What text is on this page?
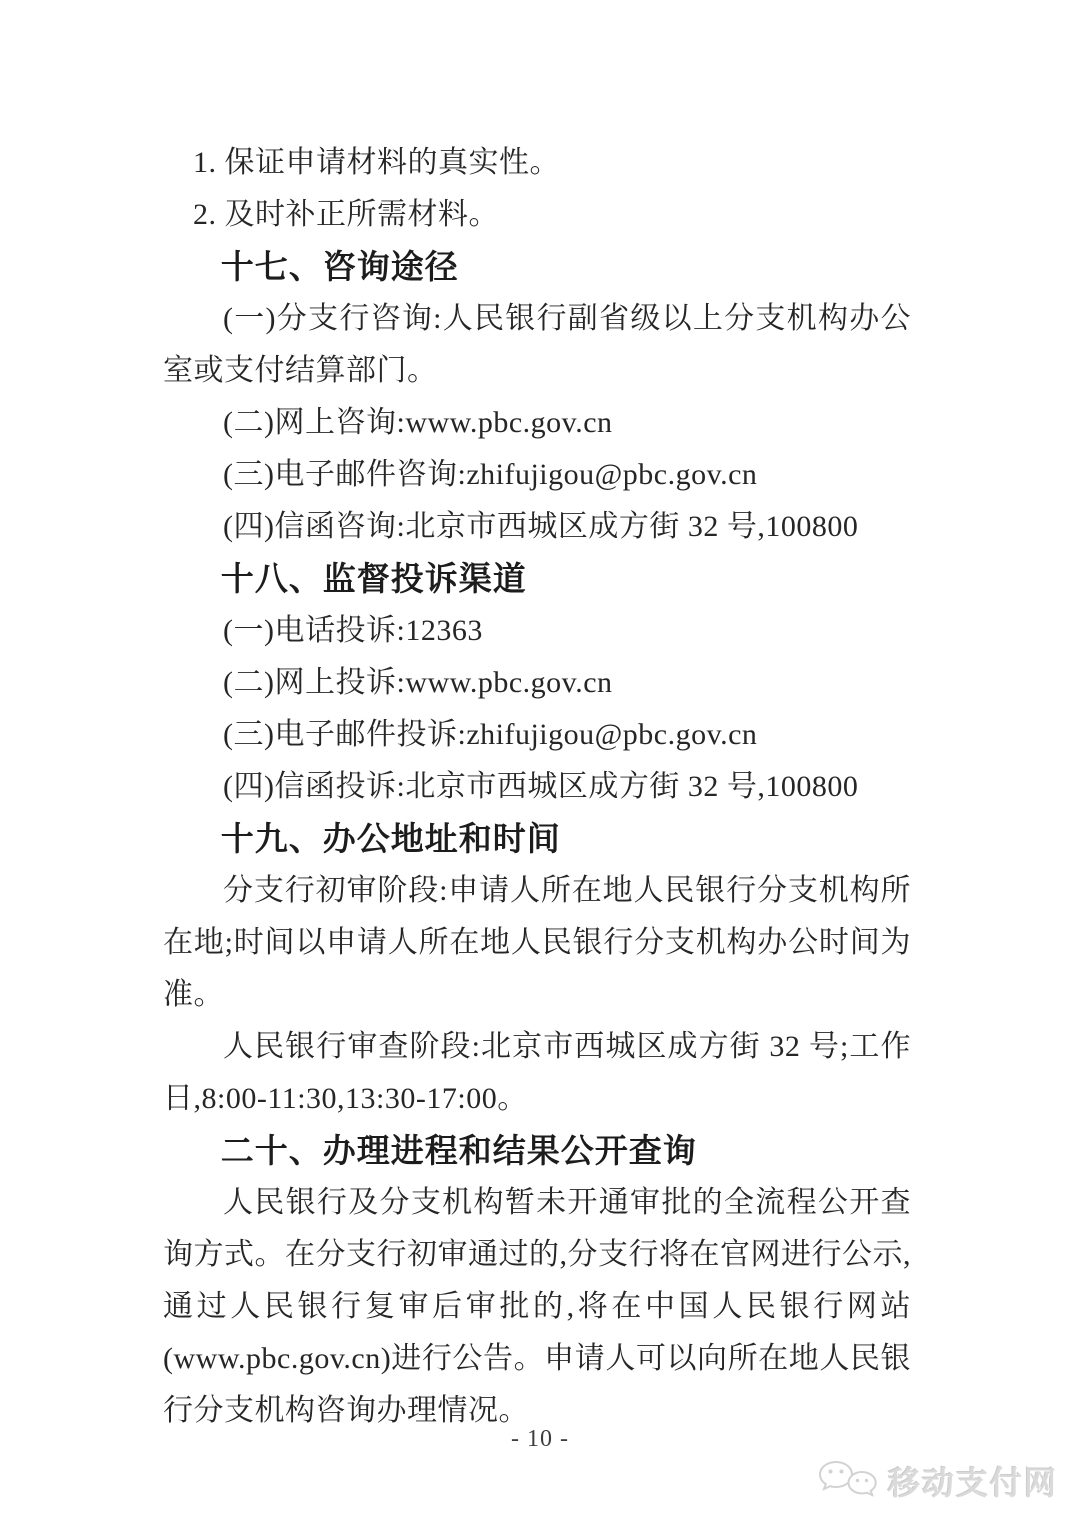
1. 保证申请材料的真实性。

2. 及时补正所需材料。

十七、咨询途径

(一)分支行咨询:人民银行副省级以上分支机构办公室或支付结算部门。

(二)网上咨询:www.pbc.gov.cn

(三)电子邮件咨询:zhifujigou@pbc.gov.cn

(四)信函咨询:北京市西城区成方街 32 号,100800

十八、监督投诉渠道

(一)电话投诉:12363

(二)网上投诉:www.pbc.gov.cn

(三)电子邮件投诉:zhifujigou@pbc.gov.cn

(四)信函投诉:北京市西城区成方街 32 号,100800

十九、办公地址和时间

分支行初审阶段:申请人所在地人民银行分支机构所在地;时间以申请人所在地人民银行分支机构办公时间为准。

人民银行审查阶段:北京市西城区成方街 32 号;工作日,8:00-11:30,13:30-17:00。

二十、办理进程和结果公开查询

人民银行及分支机构暂未开通审批的全流程公开查询方式。在分支行初审通过的,分支行将在官网进行公示,通过人民银行复审后审批的,将在中国人民银行网站(www.pbc.gov.cn)进行公告。申请人可以向所在地人民银行分支机构咨询办理情况。

- 10 -
移动支付网
